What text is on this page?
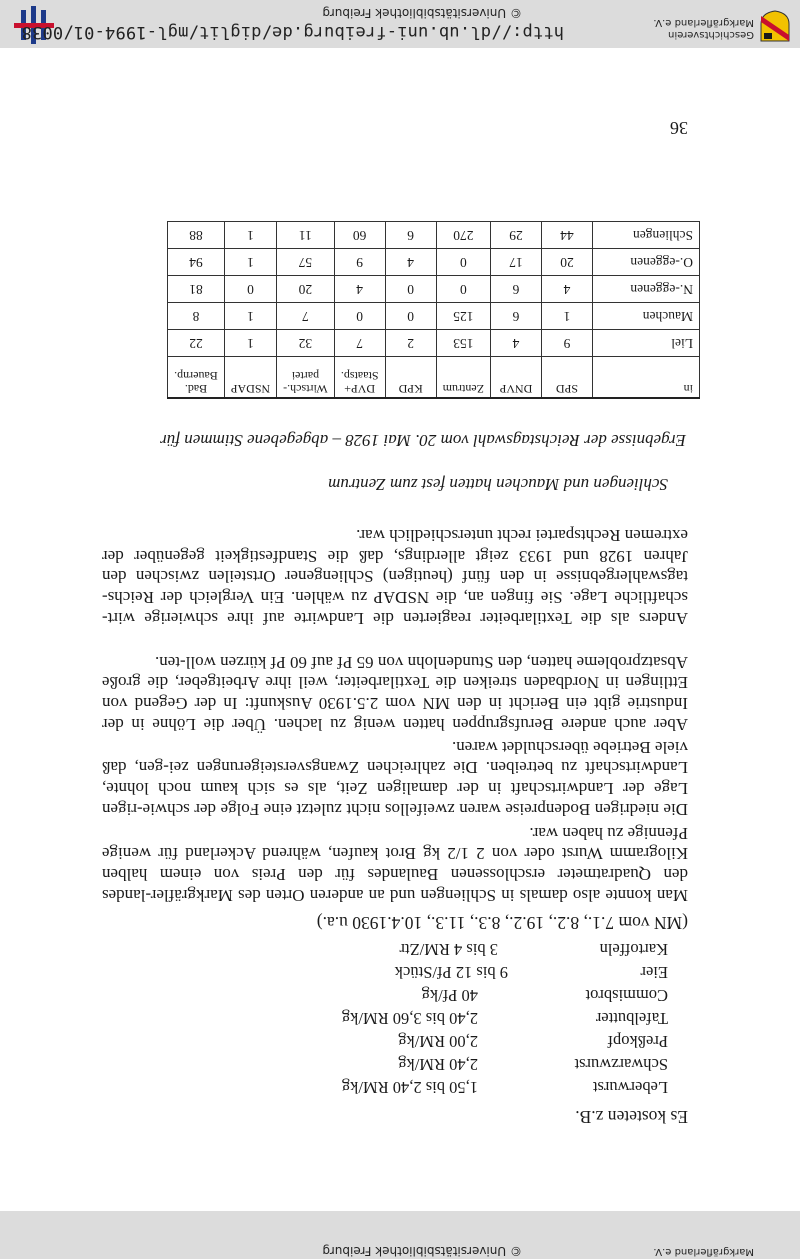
© Universitätsbibliothek Freiburg	Markgräflerland e.V.
Es kosteten z.B.
Leberwurst
1,50 bis 2,40 RM/kg
Schwarzwurst
2,40 RM/kg
Preßkopf
2,00 RM/kg
Tafelbutter
2,40 bis 3,60 RM/kg
Commisbrot
40 Pf/kg
Eier
9 bis 12 Pf/Stück
Kartoffeln
3 bis 4 RM/Ztr
(MN vom 7.1., 8.2., 19.2., 8.3., 11.3., 10.4.1930 u.a.)
Man konnte also damals in Schliengen und an anderen Orten des Markgräfler-landes den Quadratmeter erschlossenen Baulandes für den Preis von einem halben Kilogramm Wurst oder von 2 1/2 kg Brot kaufen, während Ackerland für wenige Pfennige zu haben war.
Die niedrigen Bodenpreise waren zweifellos nicht zuletzt eine Folge der schwie-rigen Lage der Landwirtschaft in der damaligen Zeit, als es sich kaum noch lohnte, Landwirtschaft zu betreiben. Die zahlreichen Zwangsversteigerungen zei-gen, daß viele Betriebe überschuldet waren.
Aber auch andere Berufsgruppen hatten wenig zu lachen. Über die Löhne in der Industrie gibt ein Bericht in den MN vom 2.5.1930 Auskunft: In der Gegend von Ettlingen in Nordbaden streiken die Textilarbeiter, weil ihre Arbeitgeber, die große Absatzprobleme hatten, den Stundenlohn von 65 Pf auf 60 Pf kürzen woll-ten.
Anders als die Textilarbeiter reagierten die Landwirte auf ihre schwierige wirt-schaftliche Lage. Sie fingen an, die NSDAP zu wählen. Ein Vergleich der Reichs-tagswahlergebnisse in den fünf (heutigen) Schliengener Ortsteilen zwischen den Jahren 1928 und 1933 zeigt allerdings, daß die Standfestigkeit gegenüber der extremen Rechtspartei recht unterschiedlich war.
Schliengen und Mauchen hatten fest zum Zentrum
Ergebnisse der Reichstagswahl vom 20. Mai 1928 – abgegebene Stimmen für
in	SPD	DNVP	Zentrum	KPD	DVP+ Staatsp.	Wirtsch.-partei	NSDAP	Bad. Bauernp.
Liel	9	4	153	2	7	32	1	22
Mauchen	1	6	125	0	0	7	1	8
N.-eggenen	4	6	0	0	4	20	0	81
O.-eggenen	20	17	0	4	9	57	1	94
Schliengen	44	29	270	6	60	11	1	88
36
http://dl.ub.uni-freiburg.de/diglit/mgl-1994-01/0038
© Universitätsbibliothek Freiburg
Geschichtsverein Markgräflerland e.V.
